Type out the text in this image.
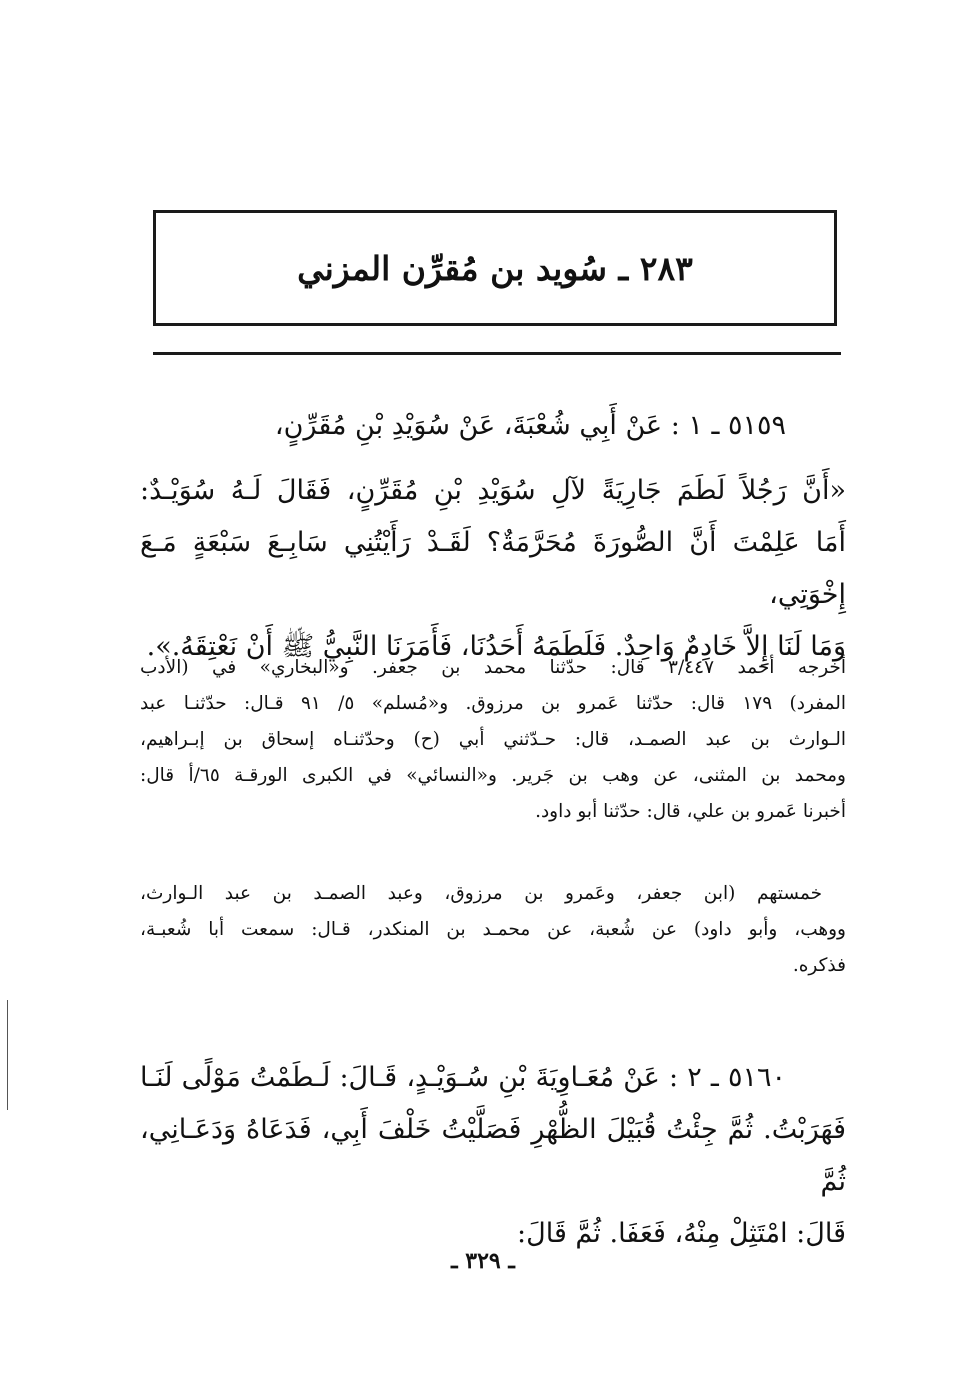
٢٨٣ ـ سُويد بن مُقرِّن المزني
٥١٥٩ ـ ١ : عَنْ أَبِي شُعْبَةَ، عَنْ سُوَيْدِ بْنِ مُقَرِّنٍ،
«أَنَّ رَجُلاً لَطَمَ جَارِيَةً لآلِ سُوَيْدِ بْنِ مُقَرِّنٍ، فَقَالَ لَـهُ سُوَيْـدٌ:
أَمَا عَلِمْتَ أَنَّ الصُّورَةَ مُحَرَّمَةٌ؟ لَقَـدْ رَأَيْتُنِي سَابِـعَ سَبْعَةٍ مَـعَ إِخْوَتِي،
وَمَا لَنَا إِلاَّ خَادِمٌ وَاحِدٌ. فَلَطَمَهُ أَحَدُنَا، فَأَمَرَنَا النَّبِيُّ ﷺ أَنْ نَعْتِقَهُ.».
أخرجه أحمد ٣/٤٤٧ قال: حدّثنا محمد بن جعفر. و«البخاري» في (الأدب
المفرد) ١٧٩ قال: حدّثنا عَمرو بن مرزوق. و«مُسلم» ٥/ ٩١ قـال: حدّثنـا عبد
الـوارث بن عبد الصمـد، قال: حـدّثني أبي (ح) وحدّثنـاه إسحاق بن إبـراهيم،
ومحمد بن المثنى، عن وهب بن جَرير. و«النسائي» في الكبرى الورقـة ٦٥/أ قال:
أخبرنا عَمرو بن علي، قال: حدّثنا أبو داود.
خمستهم (ابن جعفر، وعَمرو بن مرزوق، وعبد الصمـد بن عبد الـوارث،
ووهب، وأبو داود) عن شُعبة، عن محمـد بن المنكدر، قـال: سمعت أبا شُعبـة،
فذكره.
٥١٦٠ ـ ٢ : عَنْ مُعَـاوِيَةَ بْنِ سُـوَيْـدٍ، قَـالَ: لَـطَمْتُ مَوْلًى لَنَـا
فَهَرَبْتُ. ثُمَّ جِئْتُ قُبَيْلَ الظُّهْرِ فَصَلَّيْتُ خَلْفَ أَبِي، فَدَعَاهُ وَدَعَـانِي، ثُمَّ
قَالَ: امْتَثِلْ مِنْهُ، فَعَفَا. ثُمَّ قَالَ:
ـ ٣٢٩ ـ
